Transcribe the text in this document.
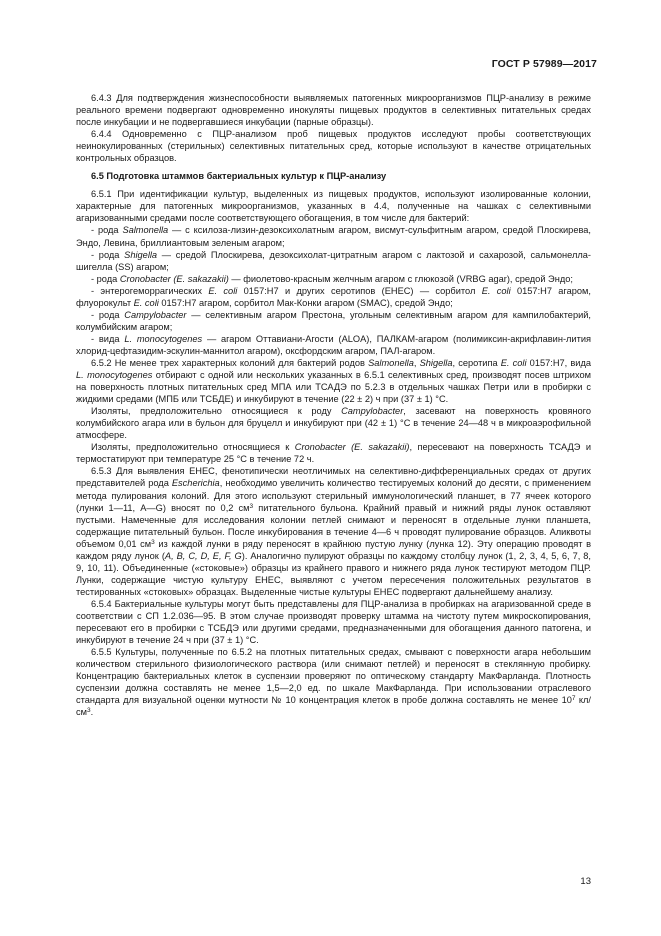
ГОСТ Р 57989—2017

6.4.3 Для подтверждения жизнеспособности выявляемых патогенных микроорганизмов ПЦР-анализу в режиме реального времени подвергают одновременно инокуляты пищевых продуктов в селективных питательных средах после инкубации и не подвергавшиеся инкубации (парные образцы).

6.4.4 Одновременно с ПЦР-анализом проб пищевых продуктов исследуют пробы соответствующих неинокулированных (стерильных) селективных питательных сред, которые используют в качестве отрицательных контрольных образцов.

6.5 Подготовка штаммов бактериальных культур к ПЦР-анализу

6.5.1 При идентификации культур, выделенных из пищевых продуктов, используют изолированные колонии, характерные для патогенных микроорганизмов, указанных в 4.4, полученные на чашках с селективными агаризованными средами после соответствующего обогащения, в том числе для бактерий:

- рода Salmonella — с ксилоза-лизин-дезоксихолатным агаром, висмут-сульфитным агаром, средой Плоскирева, Эндо, Левина, бриллиантовым зеленым агаром;

- рода Shigella — средой Плоскирева, дезоксихолат-цитратным агаром с лактозой и сахарозой, сальмонелла-шигелла (SS) агаром;

- рода Cronobacter (E. sakazakii) — фиолетово-красным желчным агаром с глюкозой (VRBG agar), средой Эндо;

- энтерогеморрагических E. coli 0157:Н7 и других серотипов (ЕНЕС) — сорбитол E. coli 0157:Н7 агаром, флуорокульт E. coli 0157:Н7 агаром, сорбитол Мак-Конки агаром (SMAC), средой Эндо;

- рода Campylobacter — селективным агаром Престона, угольным селективным агаром для кампилобактерий, колумбийским агаром;

- вида L. monocytogenes — агаром Оттавиани-Агости (ALOA), ПАЛКАМ-агаром (полимиксин-акрифлавин-лития хлорид-цефтазидим-эскулин-маннитол агаром), оксфордским агаром, ПАЛ-агаром.

6.5.2 Не менее трех характерных колоний для бактерий родов Salmonella, Shigella, серотипа E. coli 0157:Н7, вида L. monocytogenes отбирают с одной или нескольких указанных в 6.5.1 селективных сред, производят посев штрихом на поверхность плотных питательных сред МПА или ТСАДЭ по 5.2.3 в отдельных чашках Петри или в пробирки с жидкими средами (МПБ или ТСБДЕ) и инкубируют в течение (22 ± 2) ч при (37 ± 1) °С.

Изоляты, предположительно относящиеся к роду Campylobacter, засевают на поверхность кровяного колумбийского агара или в бульон для бруцелл и инкубируют при (42 ± 1) °С в течение 24—48 ч в микроаэрофильной атмосфере.

Изоляты, предположительно относящиеся к Cronobacter (E. sakazakii), пересевают на поверхность ТСАДЭ и термостатируют при температуре 25 °С в течение 72 ч.

6.5.3 Для выявления ЕНЕС, фенотипически неотличимых на селективно-дифференциальных средах от других представителей рода Escherichia, необходимо увеличить количество тестируемых колоний до десяти, с применением метода пулирования колоний. Для этого используют стерильный иммунологический планшет, в 77 ячеек которого (лунки 1—11, А—G) вносят по 0,2 $см^3$ питательного бульона. Крайний правый и нижний ряды лунок оставляют пустыми. Намеченные для исследования колонии петлей снимают и переносят в отдельные лунки планшета, содержащие питательный бульон. После инкубирования в течение 4—6 ч проводят пулирование образцов. Аликвоты объемом 0,01 $см^3$ из каждой лунки в ряду переносят в крайнюю пустую лунку (лунка 12). Эту операцию проводят в каждом ряду лунок (А, В, С, D, E, F, G). Аналогично пулируют образцы по каждому столбцу лунок (1, 2, 3, 4, 5, 6, 7, 8, 9, 10, 11). Объединенные («стоковые») образцы из крайнего правого и нижнего ряда лунок тестируют методом ПЦР. Лунки, содержащие чистую культуру ЕНЕС, выявляют с учетом пересечения положительных результатов в тестированных «стоковых» образцах. Выделенные чистые культуры ЕНЕС подвергают дальнейшему анализу.

6.5.4 Бактериальные культуры могут быть представлены для ПЦР-анализа в пробирках на агаризованной среде в соответствии с СП 1.2.036—95. В этом случае производят проверку штамма на чистоту путем микроскопирования, пересевают его в пробирки с ТСБДЭ или другими средами, предназначенными для обогащения данного патогена, и инкубируют в течение 24 ч при (37 ± 1) °С.

6.5.5 Культуры, полученные по 6.5.2 на плотных питательных средах, смывают с поверхности агара небольшим количеством стерильного физиологического раствора (или снимают петлей) и переносят в стеклянную пробирку. Концентрацию бактериальных клеток в суспензии проверяют по оптическому стандарту МакФарланда. Плотность суспензии должна составлять не менее 1,5—2,0 ед. по шкале МакФарланда. При использовании отраслевого стандарта для визуальной оценки мутности № 10 концентрация клеток в пробе должна составлять не менее $10^7$ $кл/см^3$.

13
